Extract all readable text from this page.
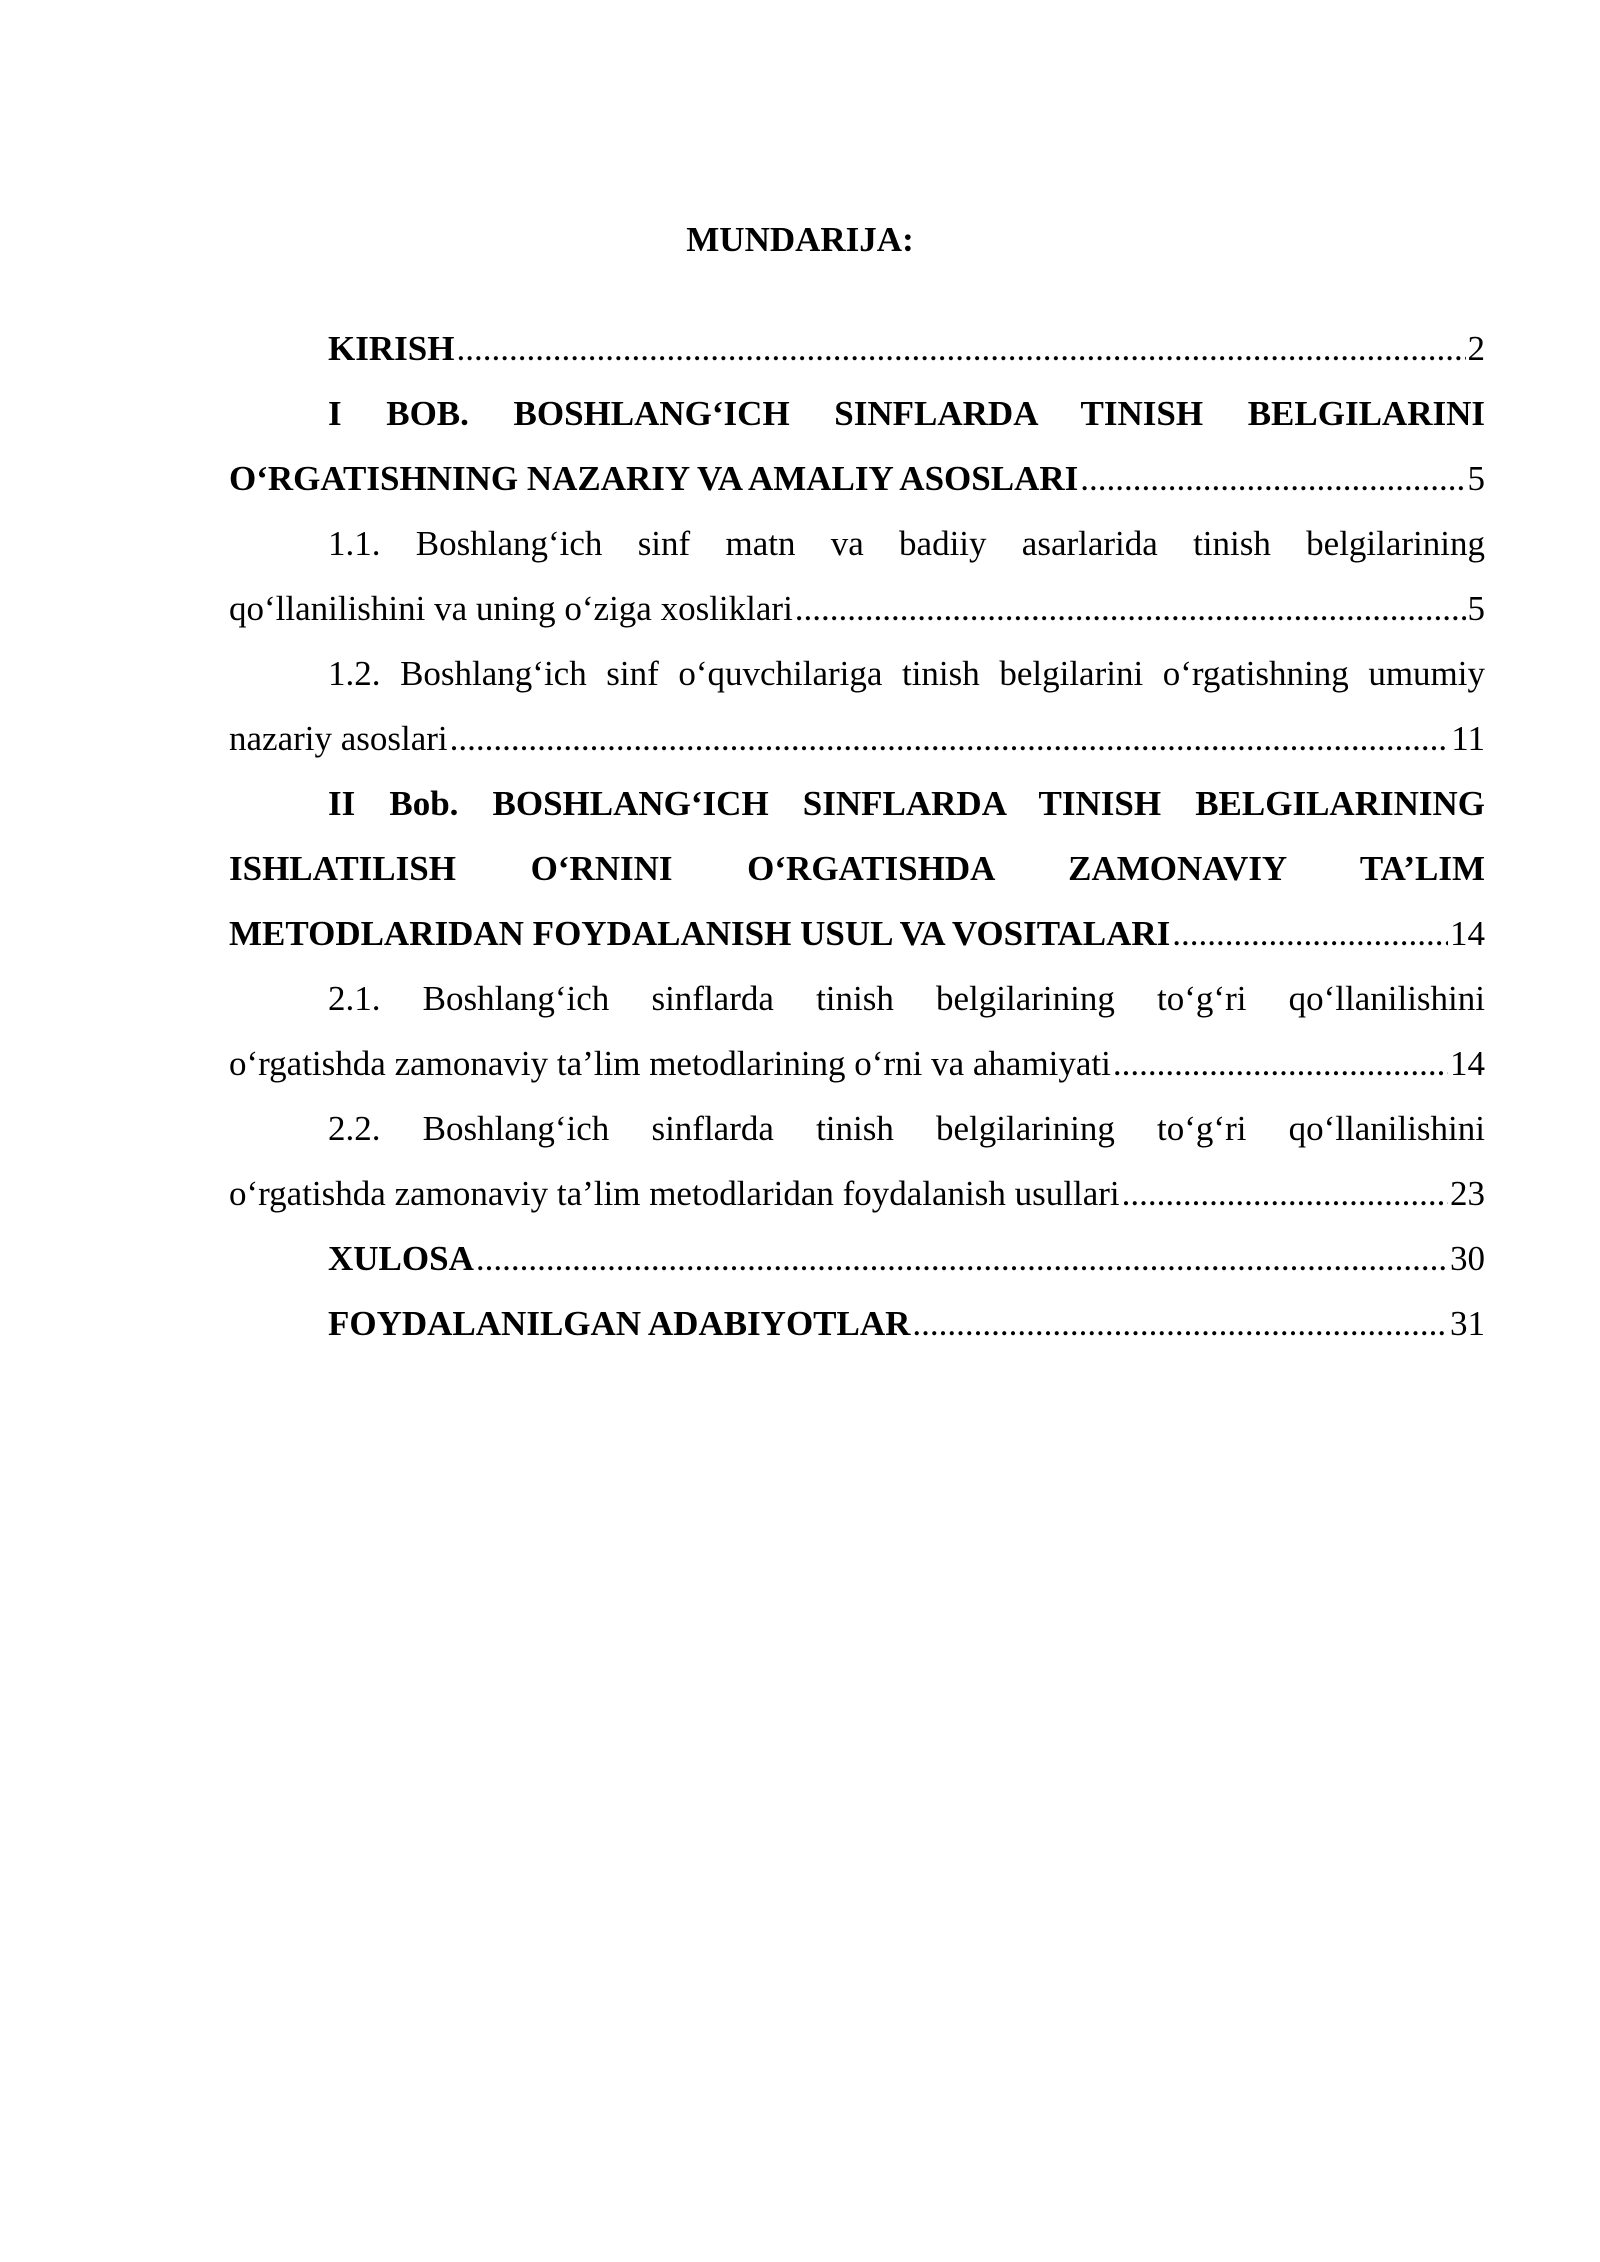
MUNDARIJA:
KIRISH .....	2
I BOB. BOSHLANG‘ICH SINFLARDA TINISH BELGILARINI
O‘RGATISHNING NAZARIY VA AMALIY ASOSLARI .....	5
1.1. Boshlang‘ich sinf matn va badiiy asarlarida tinish belgilarining
qo‘llanilishini va uning o‘ziga xosliklari .....	5
1.2. Boshlang‘ich sinf o‘quvchilariga tinish belgilarini o‘rgatishning umumiy
nazariy asoslari .....	11
II Bob. BOSHLANG‘ICH SINFLARDA TINISH BELGILARINING
ISHLATILISH O‘RNINI O‘RGATISHDA ZAMONAVIY TA’LIM
METODLARIDAN FOYDALANISH USUL VA VOSITALARI .....	14
2.1. Boshlang‘ich sinflarda tinish belgilarining to‘g‘ri qo‘llanilishini
o‘rgatishda zamonaviy ta’lim metodlarining o‘rni va ahamiyati .....	14
2.2. Boshlang‘ich sinflarda tinish belgilarining to‘g‘ri qo‘llanilishini
o‘rgatishda zamonaviy ta’lim metodlaridan foydalanish usullari .....	23
XULOSA .....	30
FOYDALANILGAN ADABIYOTLAR .....	31
